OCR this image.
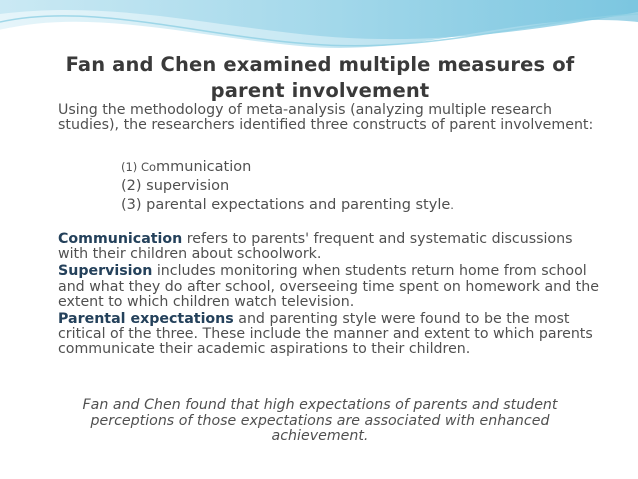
Fan and Chen examined multiple measures of parent involvement
Using the methodology of meta-analysis (analyzing multiple research studies), the researchers identified three constructs of parent involvement:
(1) Communication
(2) supervision
(3) parental expectations and parenting style.
Communication refers to parents' frequent and systematic discussions with their children about schoolwork.
Supervision includes monitoring when students return home from school and what they do after school, overseeing time spent on homework and the extent to which children watch television.
Parental expectations and parenting style were found to be the most critical of the three. These include the manner and extent to which parents communicate their academic aspirations to their children.
Fan and Chen found that high expectations of parents and student perceptions of those expectations are associated with enhanced achievement.
